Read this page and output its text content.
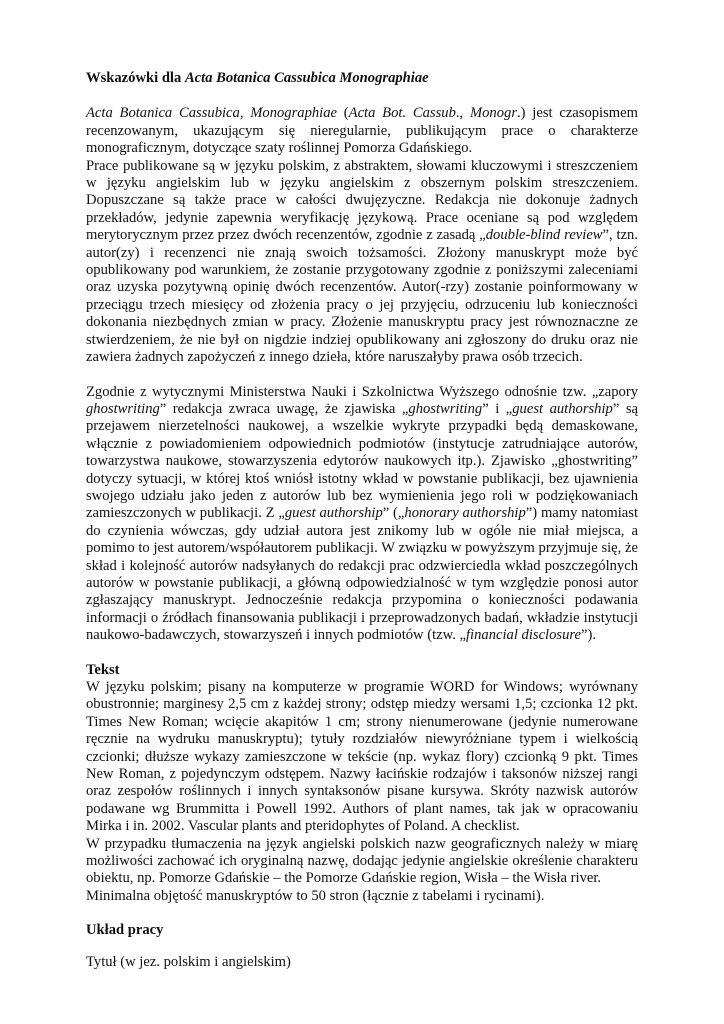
Wskazówki dla Acta Botanica Cassubica Monographiae

Acta Botanica Cassubica, Monographiae (Acta Bot. Cassub., Monogr.) jest czasopismem recenzowanym, ukazującym się nieregularnie, publikującym prace o charakterze monograficznym, dotyczące szaty roślinnej Pomorza Gdańskiego.

Prace publikowane są w języku polskim, z abstraktem, słowami kluczowymi i streszczeniem w języku angielskim lub w języku angielskim z obszernym polskim streszczeniem. Dopuszczane są także prace w całości dwujęzyczne. Redakcja nie dokonuje żadnych przekładów, jedynie zapewnia weryfikację językową. Prace oceniane są pod względem merytorycznym przez przez dwóch recenzentów, zgodnie z zasadą „double-blind review”, tzn. autor(zy) i recenzenci nie znają swoich tożsamości. Złożony manuskrypt może być opublikowany pod warunkiem, że zostanie przygotowany zgodnie z poniższymi zaleceniami oraz uzyska pozytywną opinię dwóch recenzentów. Autor(-rzy) zostanie poinformowany w przeciągu trzech miesięcy od złożenia pracy o jej przyjęciu, odrzuceniu lub konieczności dokonania niezbędnych zmian w pracy. Złożenie manuskryptu pracy jest równoznaczne ze stwierdzeniem, że nie był on nigdzie indziej opublikowany ani zgłoszony do druku oraz nie zawiera żadnych zapożyczeń z innego dzieła, które naruszałyby prawa osób trzecich.

Zgodnie z wytycznymi Ministerstwa Nauki i Szkolnictwa Wyższego odnośnie tzw. „zapory ghostwriting” redakcja zwraca uwagę, że zjawiska „ghostwriting” i „guest authorship” są przejawem nierzetelności naukowej, a wszelkie wykryte przypadki będą demaskowane, włącznie z powiadomieniem odpowiednich podmiotów (instytucje zatrudniające autorów, towarzystwa naukowe, stowarzyszenia edytorów naukowych itp.). Zjawisko „ghostwriting” dotyczy sytuacji, w której ktoś wniósł istotny wkład w powstanie publikacji, bez ujawnienia swojego udziału jako jeden z autorów lub bez wymienienia jego roli w podziękowaniach zamieszczonych w publikacji. Z „guest authorship” („honorary authorship”) mamy natomiast do czynienia wówczas, gdy udział autora jest znikomy lub w ogóle nie miał miejsca, a pomimo to jest autorem/współautorem publikacji. W związku w powyższym przyjmuje się, że skład i kolejność autorów nadsyłanych do redakcji prac odzwierciedla wkład poszczególnych autorów w powstanie publikacji, a główną odpowiedzialność w tym względzie ponosi autor zgłaszający manuskrypt. Jednocześnie redakcja przypomina o konieczności podawania informacji o źródłach finansowania publikacji i przeprowadzonych badań, wkładzie instytucji naukowo-badawczych, stowarzyszeń i innych podmiotów (tzw. „financial disclosure”).

Tekst

W języku polskim; pisany na komputerze w programie WORD for Windows; wyrównany obustronnie; marginesy 2,5 cm z każdej strony; odstęp miedzy wersami 1,5; czcionka 12 pkt. Times New Roman; wcięcie akapitów 1 cm; strony nienumerowane (jedynie numerowane ręcznie na wydruku manuskryptu); tytuły rozdziałów niewyróżniane typem i wielkością czcionki; dłuższe wykazy zamieszczone w tekście (np. wykaz flory) czcionką 9 pkt. Times New Roman, z pojedynczym odstępem. Nazwy łacińskie rodzajów i taksonów niższej rangi oraz zespołów roślinnych i innych syntaksonów pisane kursywa. Skróty nazwisk autorów podawane wg Brummitta i Powell 1992. Authors of plant names, tak jak w opracowaniu Mirka i in. 2002. Vascular plants and pteridophytes of Poland. A checklist.

W przypadku tłumaczenia na język angielski polskich nazw geograficznych należy w miarę możliwości zachować ich oryginalną nazwę, dodając jedynie angielskie określenie charakteru obiektu, np. Pomorze Gdańskie – the Pomorze Gdańskie region, Wisła – the Wisła river.

Minimalna objętość manuskryptów to 50 stron (łącznie z tabelami i rycinami).

Układ pracy

Tytuł (w jez. polskim i angielskim)
